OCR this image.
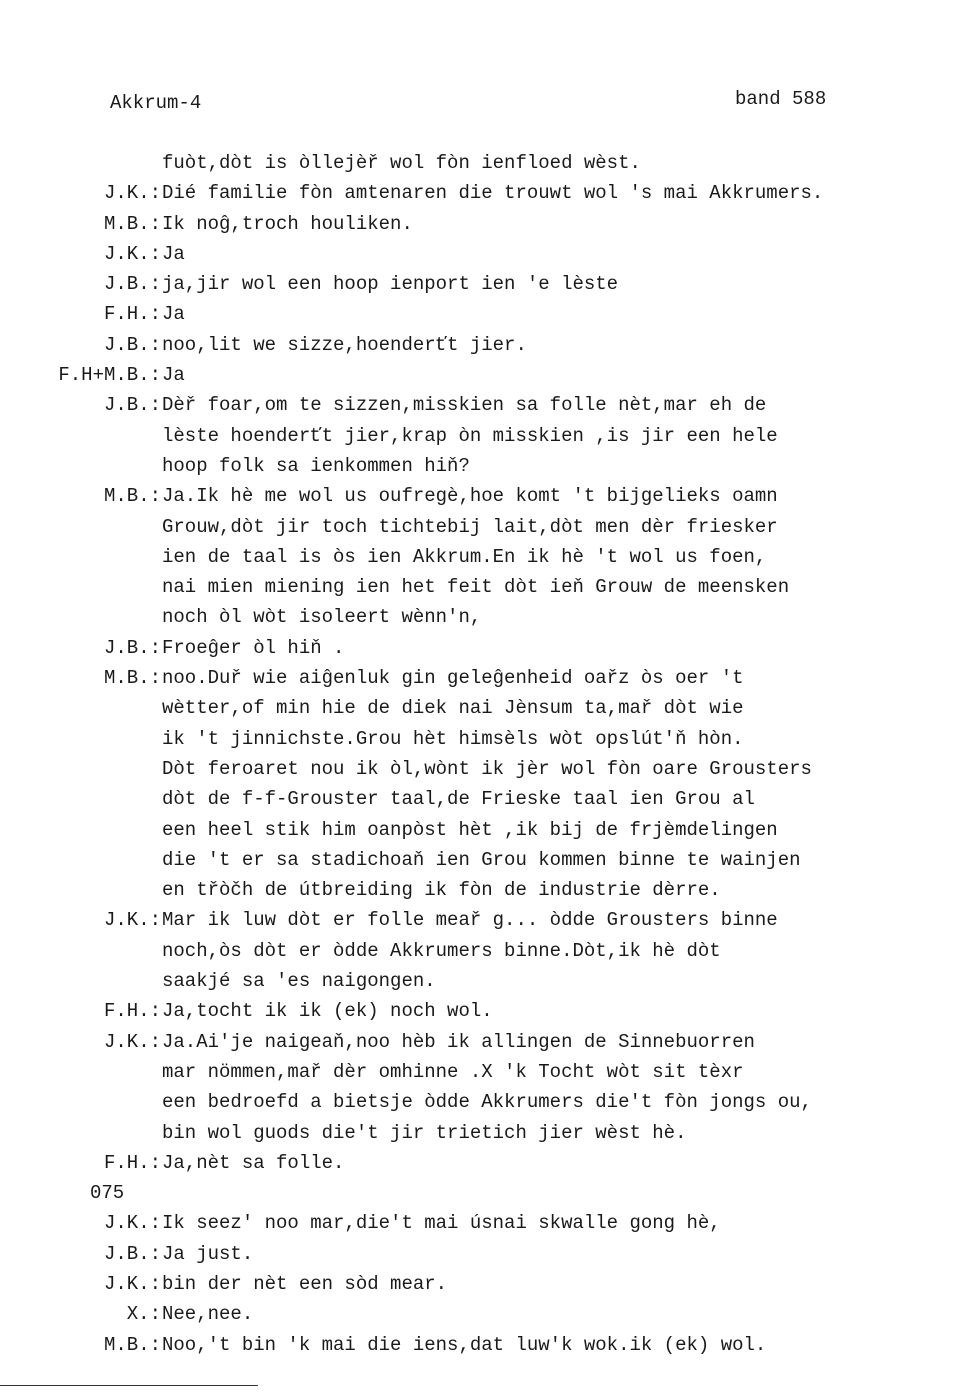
Akkrum-4	band 588
fuòt,dòt is òllejèř wol fòn ienfloed wèst.
J.K.: Dié familie fòn amtenaren die trouwt wol 's mai Akkrumers.
M.B.: Ik noĝ,troch houliken.
J.K.: Ja
J.B.: ja,jir wol een hoop ienport ien 'e lèste
F.H.: Ja
J.B.: noo,lit we sizze,hoenderťt jier.
F.H+M.B.: Ja
J.B.: Dèř foar,om te sizzen,misskien sa folle nèt,mar eh de
lèste hoenderťt jier,krap òn misskien ,is jir een hele
hoop folk sa ienkommen hiň?
M.B.: Ja.Ik hè me wol us oufregè,hoe komt 't bijgelieks oamn
Grouw,dòt jir toch tichtebij lait,dòt men dèr friesker
ien de taal is òs ien Akkrum.En ik hè 't wol us foen,
nai mien miening ien het feit dòt ieň Grouw de meensken
noch òl wòt isoleert wènn'n,
J.B.: Froeĝer òl hiň .
M.B.: noo.Duř wie aiĝenluk gin geleĝenheid oařz òs oer 't
wètter,of min hie de diek nai Jènsum ta,mař dòt wie
ik 't jinnichste.Grou hèt himsèls wòt opslút'ň hòn.
Dòt feroaret nou ik òl,wònt ik jèr wol fòn oare Grousters
dòt de f-f-Grouster taal,de Frieske taal ien Grou al
een heel stik him oanpòst hèt ,ik bij de frjèmdelingen
die 't er sa stadichoaň ien Grou kommen binne te wainjen
en třòčh de útbreiding ik fòn de industrie dèrre.
J.K.: Mar ik luw dòt er folle meař g... òdde Grousters binne
noch,òs dòt er òdde Akkrumers binne.Dòt,ik hè dòt
saakjé sa 'es naigongen.
F.H.: Ja,tocht ik ik (ek) noch wol.
J.K.: Ja.Ai'je naigeaň,noo hèb ik allingen de Sinnebuorren
mar nömmen,mař dèr omhinne .X 'k Tocht wòt sit tèxr
een bedroefd a bietsje òdde Akkrumers die't fòn jongs ou,
bin wol guods die't jir trietich jier wèst hè.
F.H.: Ja,nèt sa folle.
075
J.K.: Ik seez' noo mar,die't mai úsnai skwalle gong hè,
J.B.: Ja just.
J.K.: bin der nèt een sòd mear.
X.: Nee,nee.
M.B.: Noo,'t bin 'k mai die iens,dat luw'k wok.ik (ek) wol.
